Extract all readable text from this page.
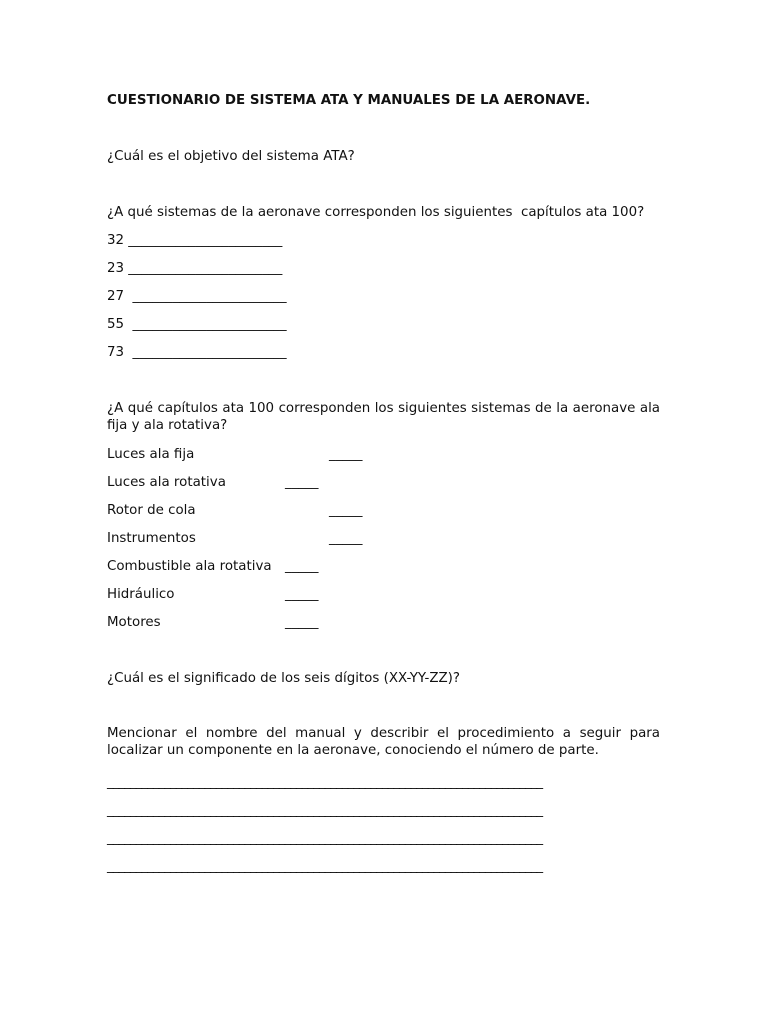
CUESTIONARIO DE SISTEMA ATA Y MANUALES DE LA AERONAVE.
¿Cuál es el objetivo del sistema ATA?
¿A qué sistemas de la aeronave corresponden los siguientes  capítulos ata 100?
32 _______________________
23 _______________________
27  _______________________
55  _______________________
73  _______________________
¿A qué capítulos ata 100 corresponden los siguientes sistemas de la aeronave ala fija y ala rotativa?
Luces ala fija	_____
Luces ala rotativa	_____
Rotor de cola	_____
Instrumentos	_____
Combustible ala rotativa _____
Hidráulico	_____
Motores	_____
¿Cuál es el significado de los seis dígitos (XX-YY-ZZ)?
Mencionar el nombre del manual y describir el procedimiento a seguir para localizar un componente en la aeronave, conociendo el número de parte.
____________________________________________________________________________
____________________________________________________________________________
____________________________________________________________________________
____________________________________________________________________________
